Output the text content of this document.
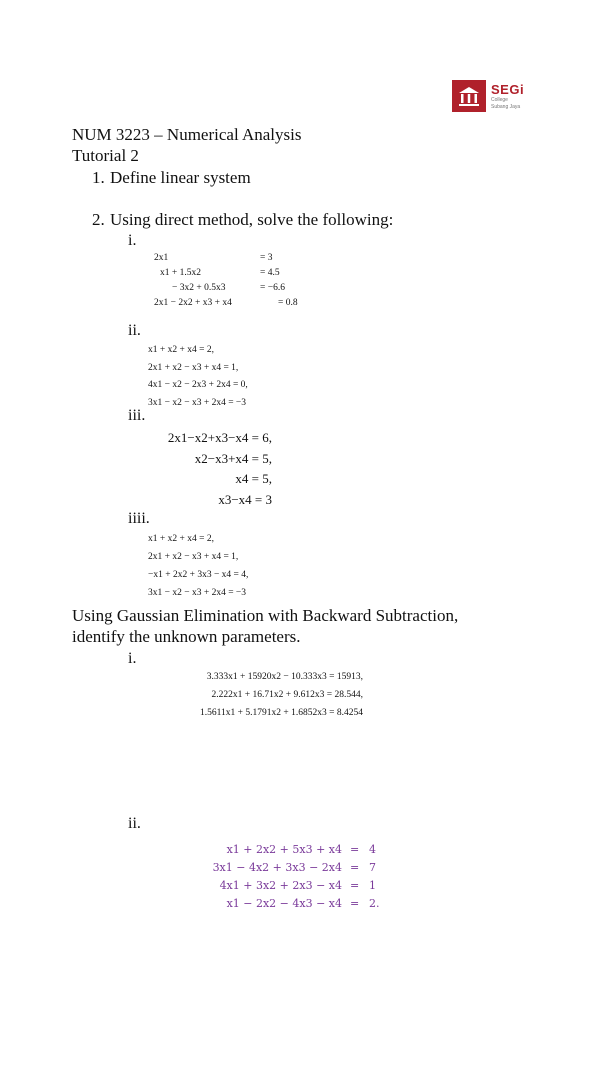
SEGi
College
Subang Jaya
NUM 3223 – Numerical Analysis
Tutorial 2
1. Define linear system
2. Using direct method, solve the following:
i.
2x1	= 3
x1 + 1.5x2	= 4.5
− 3x2 + 0.5x3	= −6.6
2x1 − 2x2 + x3 + x4	= 0.8
ii.
x1 + x2 + x4 = 2,
2x1 + x2 − x3 + x4 = 1,
4x1 − x2 − 2x3 + 2x4 = 0,
3x1 − x2 − x3 + 2x4 = −3
iii.
2x1−x2+x3−x4 = 6,
x2−x3+x4 = 5,
x4 = 5,
x3−x4 = 3
iiii.
x1 + x2 + x4 = 2,
2x1 + x2 − x3 + x4 = 1,
−x1 + 2x2 + 3x3 − x4 = 4,
3x1 − x2 − x3 + 2x4 = −3
Using Gaussian Elimination with Backward Subtraction,
identify the unknown parameters.
i.
3.333x1 + 15920x2 − 10.333x3 = 15913,
2.222x1 + 16.71x2 + 9.612x3 = 28.544,
1.5611x1 + 5.1791x2 + 1.6852x3 = 8.4254
ii.
x1 + 2x2 + 5x3 + x4 = 4
3x1 − 4x2 + 3x3 − 2x4 = 7
4x1 + 3x2 + 2x3 − x4 = 1
x1 − 2x2 − 4x3 − x4 = 2.
